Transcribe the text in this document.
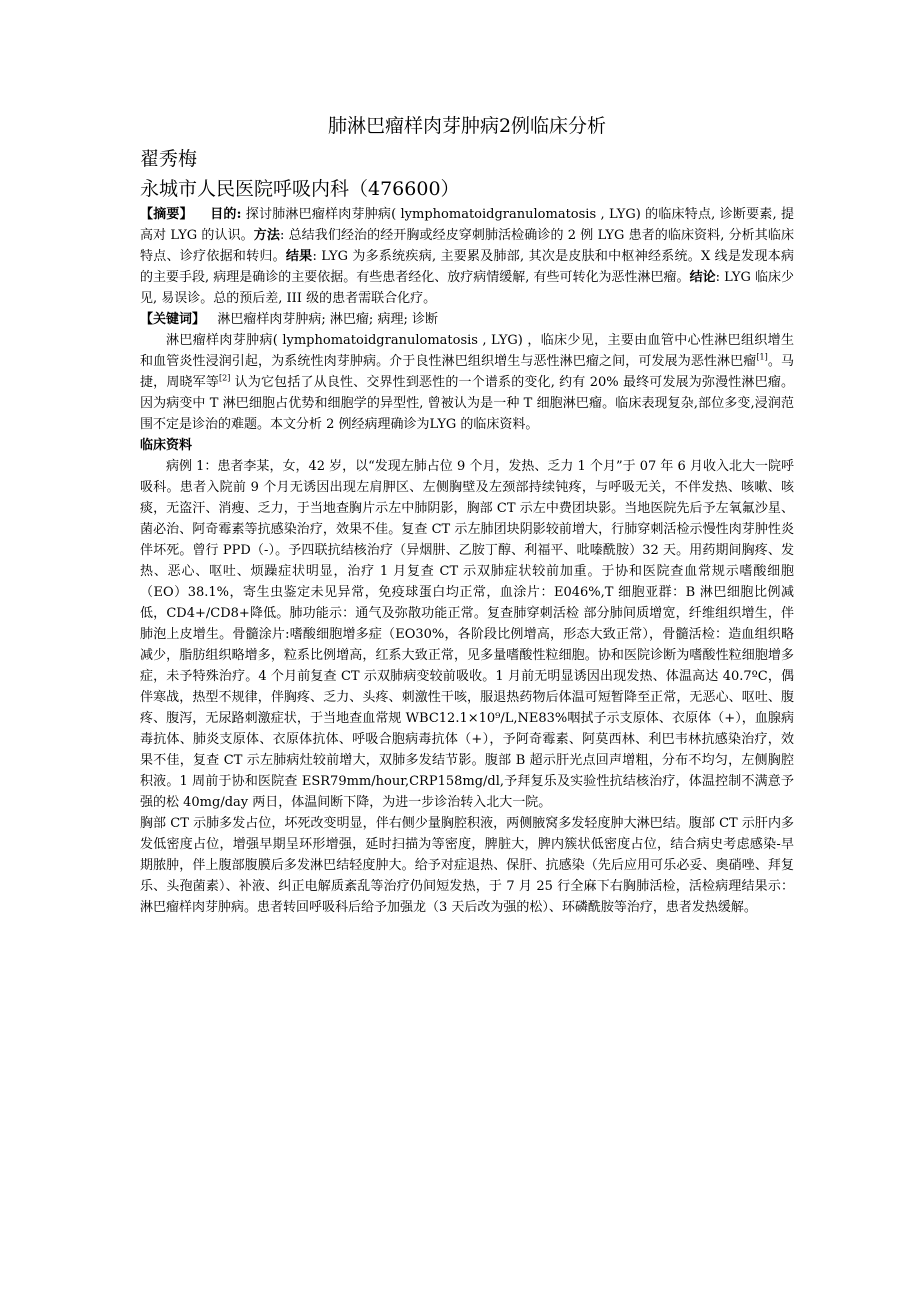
肺淋巴瘤样肉芽肿病2例临床分析

翟秀梅

永城市人民医院呼吸内科（476600）

【摘要】 目的: 探讨肺淋巴瘤样肉芽肿病( lymphomatoidgranulomatosis , LYG) 的临床特点, 诊断要素, 提高对 LYG 的认识。方法: 总结我们经治的经开胸或经皮穿刺肺活检确诊的 2 例 LYG 患者的临床资料, 分析其临床特点、诊疗依据和转归。结果: LYG 为多系统疾病, 主要累及肺部, 其次是皮肤和中枢神经系统。X 线是发现本病的主要手段, 病理是确诊的主要依据。有些患者经化、放疗病情缓解, 有些可转化为恶性淋巴瘤。结论: LYG 临床少见, 易误诊。总的预后差, III 级的患者需联合化疗。

【关键词】 淋巴瘤样肉芽肿病; 淋巴瘤; 病理; 诊断

淋巴瘤样肉芽肿病( lymphomatoidgranulomatosis , LYG) ，临床少见，主要由血管中心性淋巴组织增生和血管炎性浸润引起，为系统性肉芽肿病。介于良性淋巴组织增生与恶性淋巴瘤之间，可发展为恶性淋巴瘤[1]。马捷，周晓军等[2] 认为它包括了从良性、交界性到恶性的一个谱系的变化, 约有 20% 最终可发展为弥漫性淋巴瘤。因为病变中 T 淋巴细胞占优势和细胞学的异型性, 曾被认为是一种 T 细胞淋巴瘤。临床表现复杂,部位多变,浸润范围不定是诊治的难题。本文分析 2 例经病理确诊为LYG 的临床资料。

临床资料

病例 1：患者李某，女，42 岁，以“发现左肺占位 9 个月，发热、乏力 1 个月”于 07 年 6 月收入北大一院呼吸科。患者入院前 9 个月无诱因出现左肩胛区、左侧胸壁及左颈部持续钝疼，与呼吸无关，不伴发热、咳嗽、咳痰，无盗汗、消瘦、乏力，于当地查胸片示左中肺阴影，胸部 CT 示左中费团块影。当地医院先后予左氧氟沙星、菌必治、阿奇霉素等抗感染治疗，效果不佳。复查 CT 示左肺团块阴影较前增大，行肺穿刺活检示慢性肉芽肿性炎伴坏死。曾行 PPD（-）。予四联抗结核治疗（异烟肼、乙胺丁醇、利福平、吡嗪酰胺）32 天。用药期间胸疼、发热、恶心、呕吐、烦躁症状明显，治疗 1 月复查 CT 示双肺症状较前加重。于协和医院查血常规示嗜酸细胞（EO）38.1%，寄生虫鉴定未见异常，免疫球蛋白均正常，血涂片：E046%,T 细胞亚群：B 淋巴细胞比例减低，CD4+/CD8+降低。肺功能示：通气及弥散功能正常。复查肺穿刺活检 部分肺间质增宽，纤维组织增生，伴肺泡上皮增生。骨髓涂片:嗜酸细胞增多症（EO30%，各阶段比例增高，形态大致正常），骨髓活检：造血组织略减少，脂肪组织略增多，粒系比例增高，红系大致正常，见多量嗜酸性粒细胞。协和医院诊断为嗜酸性粒细胞增多症，未予特殊治疗。4 个月前复查 CT 示双肺病变较前吸收。1 月前无明显诱因出现发热、体温高达 40.7ºC，偶伴寒战，热型不规律，伴胸疼、乏力、头疼、刺激性干咳，服退热药物后体温可短暂降至正常，无恶心、呕吐、腹疼、腹泻，无尿路刺激症状，于当地查血常规 WBC12.1×10⁹/L,NE83%咽拭子示支原体、衣原体（+），血腺病毒抗体、肺炎支原体、衣原体抗体、呼吸合胞病毒抗体（+），予阿奇霉素、阿莫西林、利巴韦林抗感染治疗，效果不佳，复查 CT 示左肺病灶较前增大，双肺多发结节影。腹部 B 超示肝光点回声增粗，分布不均匀，左侧胸腔积液。1 周前于协和医院查 ESR79mm/hour,CRP158mg/dl,予拜复乐及实验性抗结核治疗，体温控制不满意予强的松 40mg/day 两日，体温间断下降，为进一步诊治转入北大一院。

胸部 CT 示肺多发占位，坏死改变明显，伴右侧少量胸腔积液，两侧腋窝多发轻度肿大淋巴结。腹部 CT 示肝内多发低密度占位，增强早期呈环形增强，延时扫描为等密度，脾脏大，脾内簇状低密度占位，结合病史考虑感染-早期脓肿，伴上腹部腹膜后多发淋巴结轻度肿大。给予对症退热、保肝、抗感染（先后应用可乐必妥、奥硝唑、拜复乐、头孢菌素）、补液、纠正电解质紊乱等治疗仍间短发热，于 7 月 25 行全麻下右胸肺活检，活检病理结果示：淋巴瘤样肉芽肿病。患者转回呼吸科后给予加强龙（3 天后改为强的松）、环磷酰胺等治疗，患者发热缓解。
